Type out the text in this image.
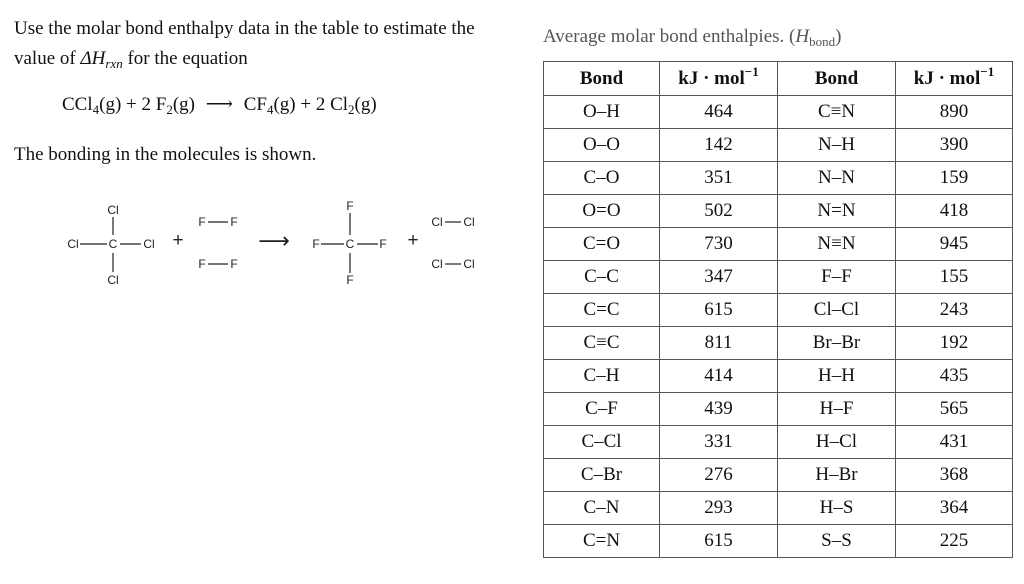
Use the molar bond enthalpy data in the table to estimate the value of $\Delta H_{rxn}$ for the equation
CCl$_4$(g) + 2 $F_2(g)$ ⟶ $CF_4(g) + 2$ $Cl_2(g)$
The bonding in the molecules is shown.
Cl
Cl C Cl
Cl
+
F F
F F
⟶
F
F C F
F
+
Cl Cl
Cl Cl
Average molar bond enthalpies. $(H_{bond})$
Bond	kJ · mol$^{-1}$	Bond	kJ · mol$^{-1}$
O–H	464	C≡N	890
O–O	142	N–H	390
C–O	351	N–N	159
O=O	502	N=N	418
C=O	730	N≡N	945
C–C	347	F–F	155
C=C	615	Cl–Cl	243
C≡C	811	Br–Br	192
C–H	414	H–H	435
C–F	439	H–F	565
C–Cl	331	H–Cl	431
C–Br	276	H–Br	368
C–N	293	H–S	364
C=N	615	S–S	225
